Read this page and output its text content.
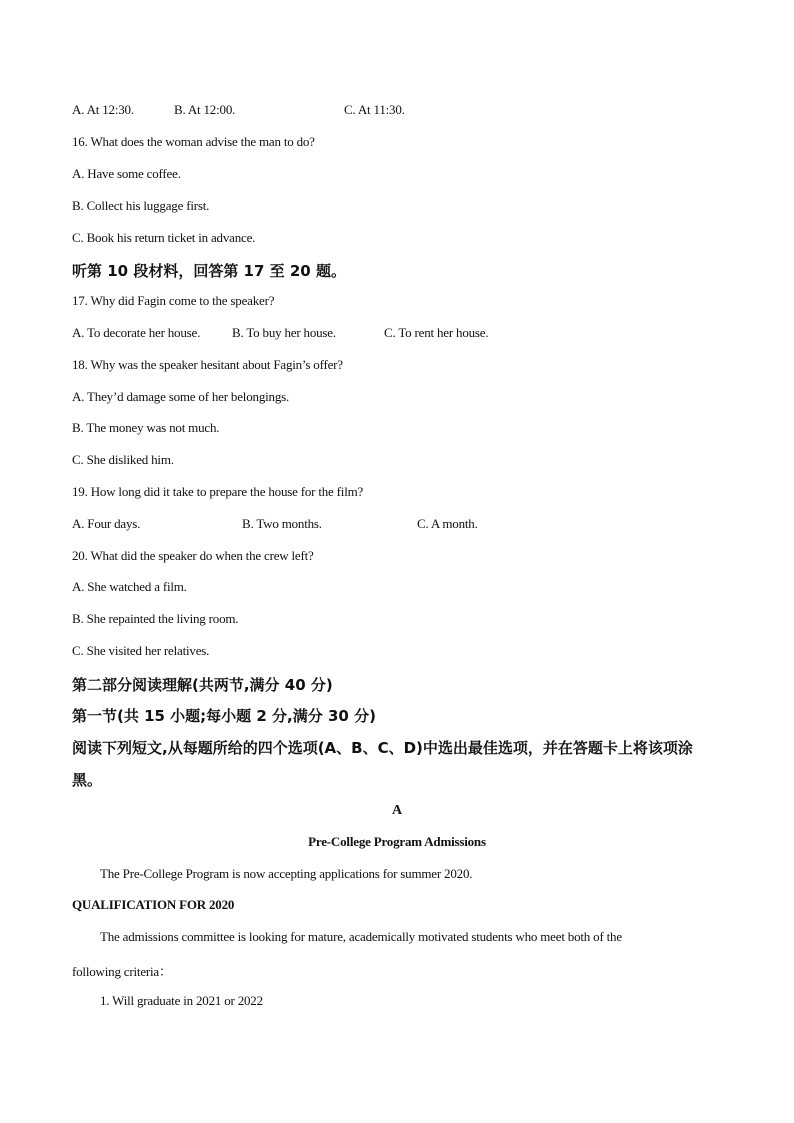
A. At 12:30.	B. At 12:00.	C. At 11:30.
16. What does the woman advise the man to do?
A. Have some coffee.
B. Collect his luggage first.
C. Book his return ticket in advance.
听第 10 段材料，回答第 17 至 20 题。
17. Why did Fagin come to the speaker?
A. To decorate her house. B. To buy her house.	C. To rent her house.
18. Why was the speaker hesitant about Fagin’s offer?
A. They’d damage some of her belongings.
B. The money was not much.
C. She disliked him.
19. How long did it take to prepare the house for the film?
A. Four days.	B. Two months.	C. A month.
20. What did the speaker do when the crew left?
A. She watched a film.
B. She repainted the living room.
C. She visited her relatives.
第二部分阅读理解(共两节,满分 40 分)
第一节(共 15 小题;每小题 2 分,满分 30 分)
阅读下列短文,从每题所给的四个选项(A、B、C、D)中选出最佳选项，并在答题卡上将该项涂
黑。
A
Pre-College Program Admissions
The Pre-College Program is now accepting applications for summer 2020.
QUALIFICATION FOR 2020
The admissions committee is looking for mature, academically motivated students who meet both of the
following criteria：
1. Will graduate in 2021 or 2022
